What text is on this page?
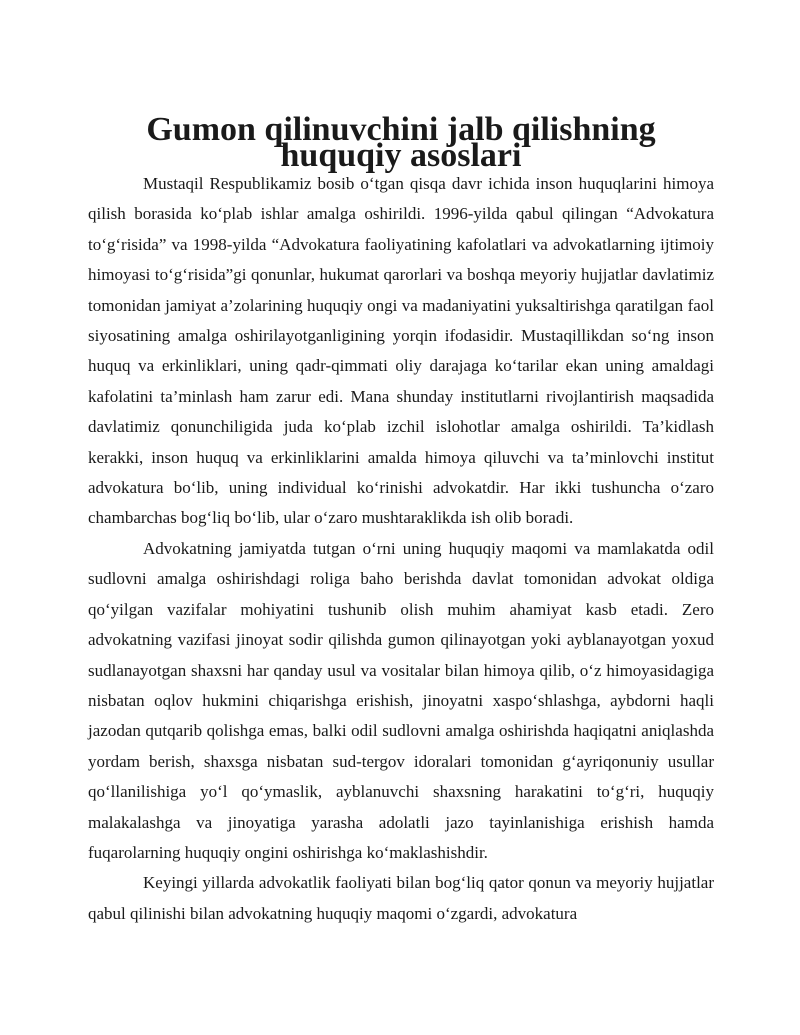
Gumon qilinuvchini jalb qilishning huquqiy asoslari

Mustaqil Respublikamiz bosib o‘tgan qisqa davr ichida inson huquqlarini himoya qilish borasida ko‘plab ishlar amalga oshirildi. 1996-yilda qabul qilingan “Advokatura to‘g‘risida” va 1998-yilda “Advokatura faoliyatining kafolatlari va advokatlarning ijtimoiy himoyasi to‘g‘risida”gi qonunlar, hukumat qarorlari va boshqa meyoriy hujjatlar davlatimiz tomonidan jamiyat a’zolarining huquqiy ongi va madaniyatini yuksaltirishga qaratilgan faol siyosatining amalga oshirilayotganligining yorqin ifodasidir. Mustaqillikdan so‘ng inson huquq va erkinliklari, uning qadr-qimmati oliy darajaga ko‘tarilar ekan uning amaldagi kafolatini ta’minlash ham zarur edi. Mana shunday institutlarni rivojlantirish maqsadida davlatimiz qonunchiligida juda ko‘plab izchil islohotlar amalga oshirildi. Ta’kidlash kerakki, inson huquq va erkinliklarini amalda himoya qiluvchi va ta’minlovchi institut advokatura bo‘lib, uning individual ko‘rinishi advokatdir. Har ikki tushuncha o‘zaro chambarchas bog‘liq bo‘lib, ular o‘zaro mushtaraklikda ish olib boradi.

Advokatning jamiyatda tutgan o‘rni uning huquqiy maqomi va mamlakatda odil sudlovni amalga oshirishdagi roliga baho berishda davlat tomonidan advokat oldiga qo‘yilgan vazifalar mohiyatini tushunib olish muhim ahamiyat kasb etadi. Zero advokatning vazifasi jinoyat sodir qilishda gumon qilinayotgan yoki ayblanayotgan yoxud sudlanayotgan shaxsni har qanday usul va vositalar bilan himoya qilib, o‘z himoyasidagiga nisbatan oqlov hukmini chiqarishga erishish, jinoyatni xaspo‘shlashga, aybdorni haqli jazodan qutqarib qolishga emas, balki odil sudlovni amalga oshirishda haqiqatni aniqlashda yordam berish, shaxsga nisbatan sud-tergov idoralari tomonidan g‘ayriqonuniy usullar qo‘llanilishiga yo‘l qo‘ymaslik, ayblanuvchi shaxsning harakatini to‘g‘ri, huquqiy malakalashga va jinoyatiga yarasha adolatli jazo tayinlanishiga erishish hamda fuqarolarning huquqiy ongini oshirishga ko‘maklashishdir.

Keyingi yillarda advokatlik faoliyati bilan bog‘liq qator qonun va meyoriy hujjatlar qabul qilinishi bilan advokatning huquqiy maqomi o‘zgardi, advokatura
